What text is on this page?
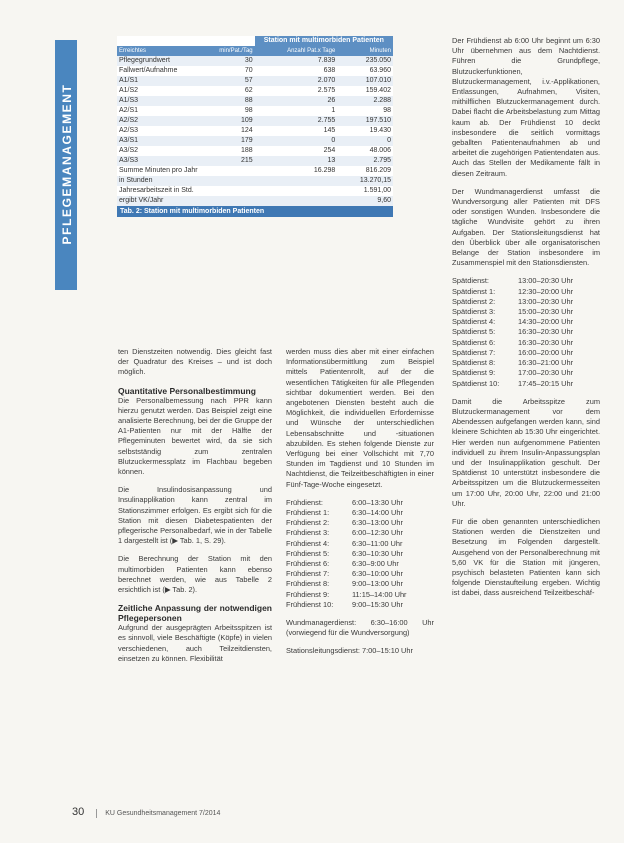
PFLEGEMANAGEMENT
		Station mit multimorbiden Patienten	
Erreichtes	min/Pat./Tag	Anzahl Pat.x Tage	Minuten
Pflegegrundwert	30	7.839	235.050
Fallwert/Aufnahme	70	638	63.960
A1/S1	57	2.070	107.010
A1/S2	62	2.575	159.402
A1/S3	88	26	2.288
A2/S1	98	1	98
A2/S2	109	2.755	197.510
A2/S3	124	145	19.430
A3/S1	179	0	0
A3/S2	188	254	48.006
A3/S3	215	13	2.795
Summe Minuten pro Jahr		16.298	816.209
in Stunden			13.270,15
Jahresarbeitszeit in Std.			1.591,00
ergibt VK/Jahr			9,60
Tab. 2: Station mit multimorbiden Patienten

ten Dienstzeiten notwendig. Dies gleicht fast der Quadratur des Kreises – und ist doch möglich.

Quantitative Personalbestimmung

Die Personalbemessung nach PPR kann hierzu genutzt werden. Das Beispiel zeigt eine analisierte Berechnung, bei der die Gruppe der A1-Patienten nur mit der Hälfte der Pflegeminuten bewertet wird, da sie sich selbstständig zum zentralen Blutzuckermessplatz im Flachbau begeben können.

Die Insulindosisanpassung und Insulinapplikation kann zentral im Stationszimmer erfolgen. Es ergibt sich für die Station mit diesen Diabetespatienten der pflegerische Personalbedarf, wie in der Tabelle 1 dargestellt ist (▶ Tab. 1, S. 29).

Die Berechnung der Station mit den multimorbiden Patienten kann ebenso berechnet werden, wie aus Tabelle 2 ersichtlich ist (▶ Tab. 2).

Zeitliche Anpassung der notwendigen Pflegepersonen

Aufgrund der ausgeprägten Arbeitsspitzen ist es sinnvoll, viele Beschäftigte (Köpfe) in vielen verschiedenen, auch Teilzeitdiensten, einsetzen zu können. Flexibilität

werden muss dies aber mit einer einfachen Informationsübermittlung zum Beispiel mittels Patientenrollt, auf der die wesentlichen Tätigkeiten für alle Pflegenden sichtbar dokumentiert werden. Bei den angebotenen Diensten besteht auch die Möglichkeit, die individuellen Erfordernisse und Wünsche der unterschiedlichen Lebensabschnitte und -situationen abzubilden. Es stehen folgende Dienste zur Verfügung bei einer Vollschicht mit 7,70 Stunden im Tagdienst und 10 Stunden im Nachtdienst, die Teilzeitbeschäftigten in einer Fünf-Tage-Woche eingesetzt.

Frühdienst:	6:00–13:30 Uhr
Frühdienst 1:	6:30–14:00 Uhr
Frühdienst 2:	6:30–13:00 Uhr
Frühdienst 3:	6:00–12:30 Uhr
Frühdienst 4:	6:30–11:00 Uhr
Frühdienst 5:	6:30–10:30 Uhr
Frühdienst 6:	6:30–9:00 Uhr
Frühdienst 7:	6:30–10:00 Uhr
Frühdienst 8:	9:00–13:00 Uhr
Frühdienst 9:	11:15–14:00 Uhr
Frühdienst 10:	9:00–15:30 Uhr

Wundmanagerdienst: 6:30–16:00 Uhr (vorwiegend für die Wundversorgung)

Stationsleitungsdienst: 7:00–15:10 Uhr

Der Frühdienst ab 6:00 Uhr beginnt um 6:30 Uhr übernehmen aus dem Nachtdienst. Führen die Grundpflege, Blutzuckerfunktionen, Blutzuckermanagement, i.v.-Applikationen, Entlassungen, Aufnahmen, Visiten, mithilflichen Blutzuckermanagement durch. Dabei flacht die Arbeitsbelastung zum Mittag kaum ab. Der Frühdienst 10 deckt insbesondere die seitlich vormittags geballten Patientenaufnahmen ab und arbeitet die zugehörigen Patientendaten aus. Auch das Stellen der Medikamente fällt in diesen Zeitraum.

Der Wundmanagerdienst umfasst die Wundversorgung aller Patienten mit DFS oder sonstigen Wunden. Insbesondere die tägliche Wundvisite gehört zu ihren Aufgaben. Der Stationsleitungsdienst hat den Überblick über alle organisatorischen Belange der Station insbesondere im Zusammenspiel mit den Stationsdiensten.

Spätdienst:	13:00–20:30 Uhr
Spätdienst 1:	12:30–20:00 Uhr
Spätdienst 2:	13:00–20:30 Uhr
Spätdienst 3:	15:00–20:30 Uhr
Spätdienst 4:	14:30–20:00 Uhr
Spätdienst 5:	16:30–20:30 Uhr
Spätdienst 6:	16:30–20:30 Uhr
Spätdienst 7:	16:00–20:00 Uhr
Spätdienst 8:	16:30–21:00 Uhr
Spätdienst 9:	17:00–20:30 Uhr
Spätdienst 10:	17:45–20:15 Uhr

Damit die Arbeitsspitze zum Blutzuckermanagement vor dem Abendessen aufgefangen werden kann, sind kleinere Schichten ab 15:30 Uhr eingerichtet. Hier werden nun aufgenommene Patienten individuell zu ihrem Insulin-Anpassungsplan und der Insulinapplikation geschult. Der Spätdienst 10 unterstützt insbesondere die Arbeitsspitzen um die Blutzuckermesseiten um 17:00 Uhr, 20:00 Uhr, 22:00 und 21:00 Uhr.

Für die oben genannten unterschiedlichen Stationen werden die Dienstzeiten und Besetzung im Folgenden dargestellt. Ausgehend von der Personalberechnung mit 5,60 VK für die Station mit jüngeren, psychisch belasteten Patienten kann sich folgende Dienstaufteilung ergeben. Wichtig ist dabei, dass ausreichend Teilzeitbeschäf-

30	KU Gesundheitsmanagement 7/2014
